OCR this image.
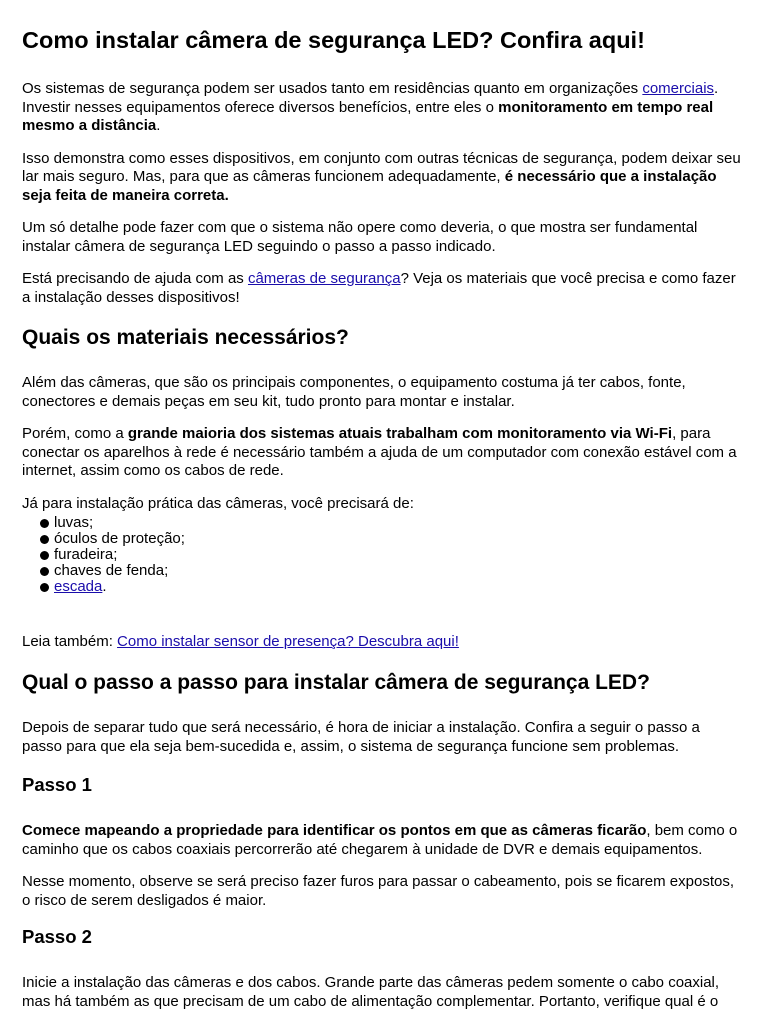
Como instalar câmera de segurança LED? Confira aqui!

Os sistemas de segurança podem ser usados tanto em residências quanto em organizações comerciais. Investir nesses equipamentos oferece diversos benefícios, entre eles o monitoramento em tempo real mesmo a distância.

Isso demonstra como esses dispositivos, em conjunto com outras técnicas de segurança, podem deixar seu lar mais seguro. Mas, para que as câmeras funcionem adequadamente, é necessário que a instalação seja feita de maneira correta.

Um só detalhe pode fazer com que o sistema não opere como deveria, o que mostra ser fundamental instalar câmera de segurança LED seguindo o passo a passo indicado.

Está precisando de ajuda com as câmeras de segurança? Veja os materiais que você precisa e como fazer a instalação desses dispositivos!

Quais os materiais necessários?

Além das câmeras, que são os principais componentes, o equipamento costuma já ter cabos, fonte, conectores e demais peças em seu kit, tudo pronto para montar e instalar.

Porém, como a grande maioria dos sistemas atuais trabalham com monitoramento via Wi-Fi, para conectar os aparelhos à rede é necessário também a ajuda de um computador com conexão estável com a internet, assim como os cabos de rede.

Já para instalação prática das câmeras, você precisará de:

luvas;
óculos de proteção;
furadeira;
chaves de fenda;
escada .

Leia também: Como instalar sensor de presença? Descubra aqui!

Qual o passo a passo para instalar câmera de segurança LED?

Depois de separar tudo que será necessário, é hora de iniciar a instalação. Confira a seguir o passo a passo para que ela seja bem-sucedida e, assim, o sistema de segurança funcione sem problemas.

Passo 1

Comece mapeando a propriedade para identificar os pontos em que as câmeras ficarão, bem como o caminho que os cabos coaxiais percorrerão até chegarem à unidade de DVR e demais equipamentos.

Nesse momento, observe se será preciso fazer furos para passar o cabeamento, pois se ficarem expostos, o risco de serem desligados é maior.

Passo 2

Inicie a instalação das câmeras e dos cabos. Grande parte das câmeras pedem somente o cabo coaxial, mas há também as que precisam de um cabo de alimentação complementar. Portanto, verifique qual é o
